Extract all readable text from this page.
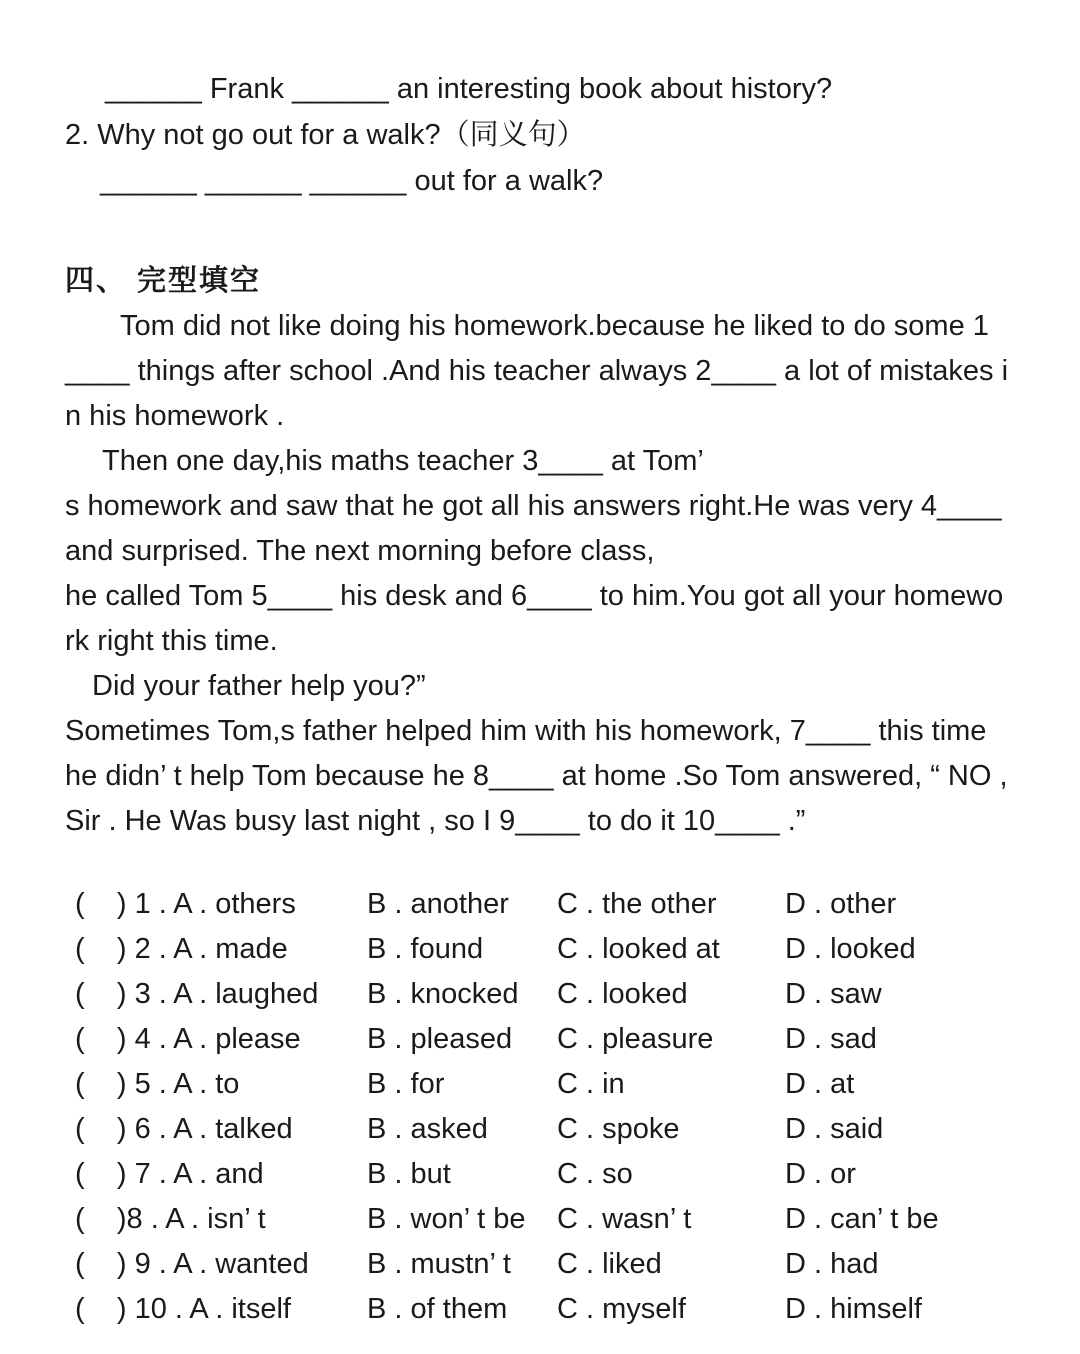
______ Frank ______ an interesting book about history?
2. Why not go out for a walk?（同义句）
______ ______ ______ out for a walk?
四、 完型填空
Tom did not like doing his homework.because he liked to do some 1
____ things after school .And his teacher always 2____ a lot of mistakes i
n his homework .
Then one day,his maths teacher 3____ at Tom’
s homework and saw that he got all his answers right.He was very 4____
and surprised. The next morning before class,
he called Tom 5____ his desk and 6____ to him.You got all your homewo
rk right this time.
Did your father help you?”
Sometimes Tom,s father helped him with his homework, 7____ this time
he didn’ t help Tom because he 8____ at home .So Tom answered, “ NO ,
Sir . He Was busy last night , so I 9____ to do it 10____ .”
(    ) 1 . A . others	B . another	C . the other	D . other
(    ) 2 . A . made	B . found	C . looked at	D . looked
(    ) 3 . A . laughed	B . knocked	C . looked	D . saw
(    ) 4 . A . please	B . pleased	C . pleasure	D . sad
(    ) 5 . A . to	B . for	C . in	D . at
(    ) 6 . A . talked	B . asked	C . spoke	D . said
(    ) 7 . A . and	B . but	C . so	D . or
(    )8 . A . isn’ t	B . won’ t be	C . wasn’ t	D . can’ t be
(    ) 9 . A . wanted	B . mustn’ t	C . liked	D . had
(    ) 10 . A . itself	B . of them	C . myself	D . himself
